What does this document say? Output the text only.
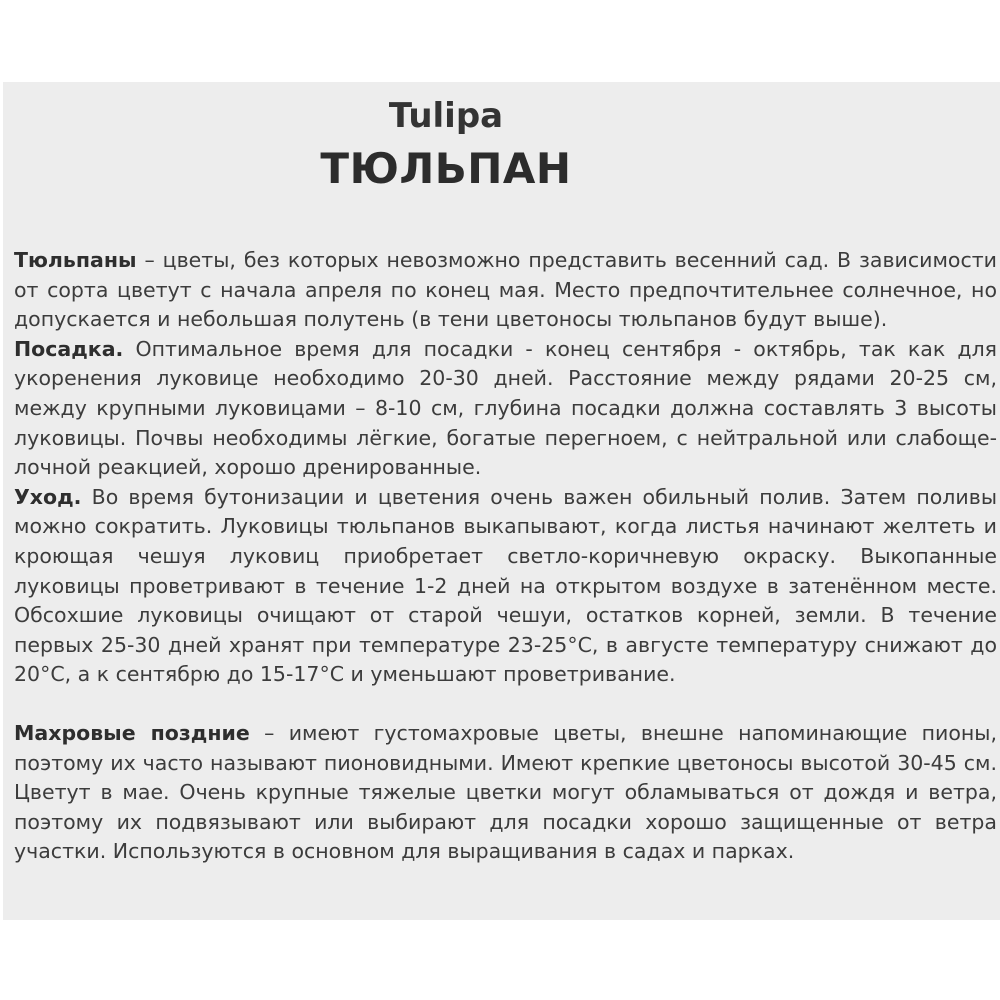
Tulipa
ТЮЛЬПАН

Тюльпаны – цветы, без которых невозможно представить весенний сад. В зависимости от сорта цветут с начала апреля по конец мая. Место предпочтительнее солнечное, но допускается и небольшая полутень (в тени цветоносы тюльпанов будут выше).

Посадка. Оптимальное время для посадки - конец сентября - октябрь, так как для укоренения луковице необходимо 20-30 дней. Расстояние между рядами 20-25 см, между крупными луковицами – 8-10 см, глубина посадки должна составлять 3 высоты луковицы. Почвы необходимы лёгкие, богатые перегноем, с нейтральной или слабоще-лочной реакцией, хорошо дренированные.

Уход. Во время бутонизации и цветения очень важен обильный полив. Затем поливы можно сократить. Луковицы тюльпанов выкапывают, когда листья начинают желтеть и кроющая чешуя луковиц приобретает светло-коричневую окраску. Выкопанные луковицы проветривают в течение 1-2 дней на открытом воздухе в затенённом месте. Обсохшие луковицы очищают от старой чешуи, остатков корней, земли. В течение первых 25-30 дней хранят при температуре 23-25°C, в августе температуру снижают до 20°C, а к сентябрю до 15-17°C и уменьшают проветривание.

Махровые поздние – имеют густомахровые цветы, внешне напоминающие пионы, поэтому их часто называют пионовидными. Имеют крепкие цветоносы высотой 30-45 см. Цветут в мае. Очень крупные тяжелые цветки могут обламываться от дождя и ветра, поэтому их подвязывают или выбирают для посадки хорошо защищенные от ветра участки. Используются в основном для выращивания в садах и парках.
